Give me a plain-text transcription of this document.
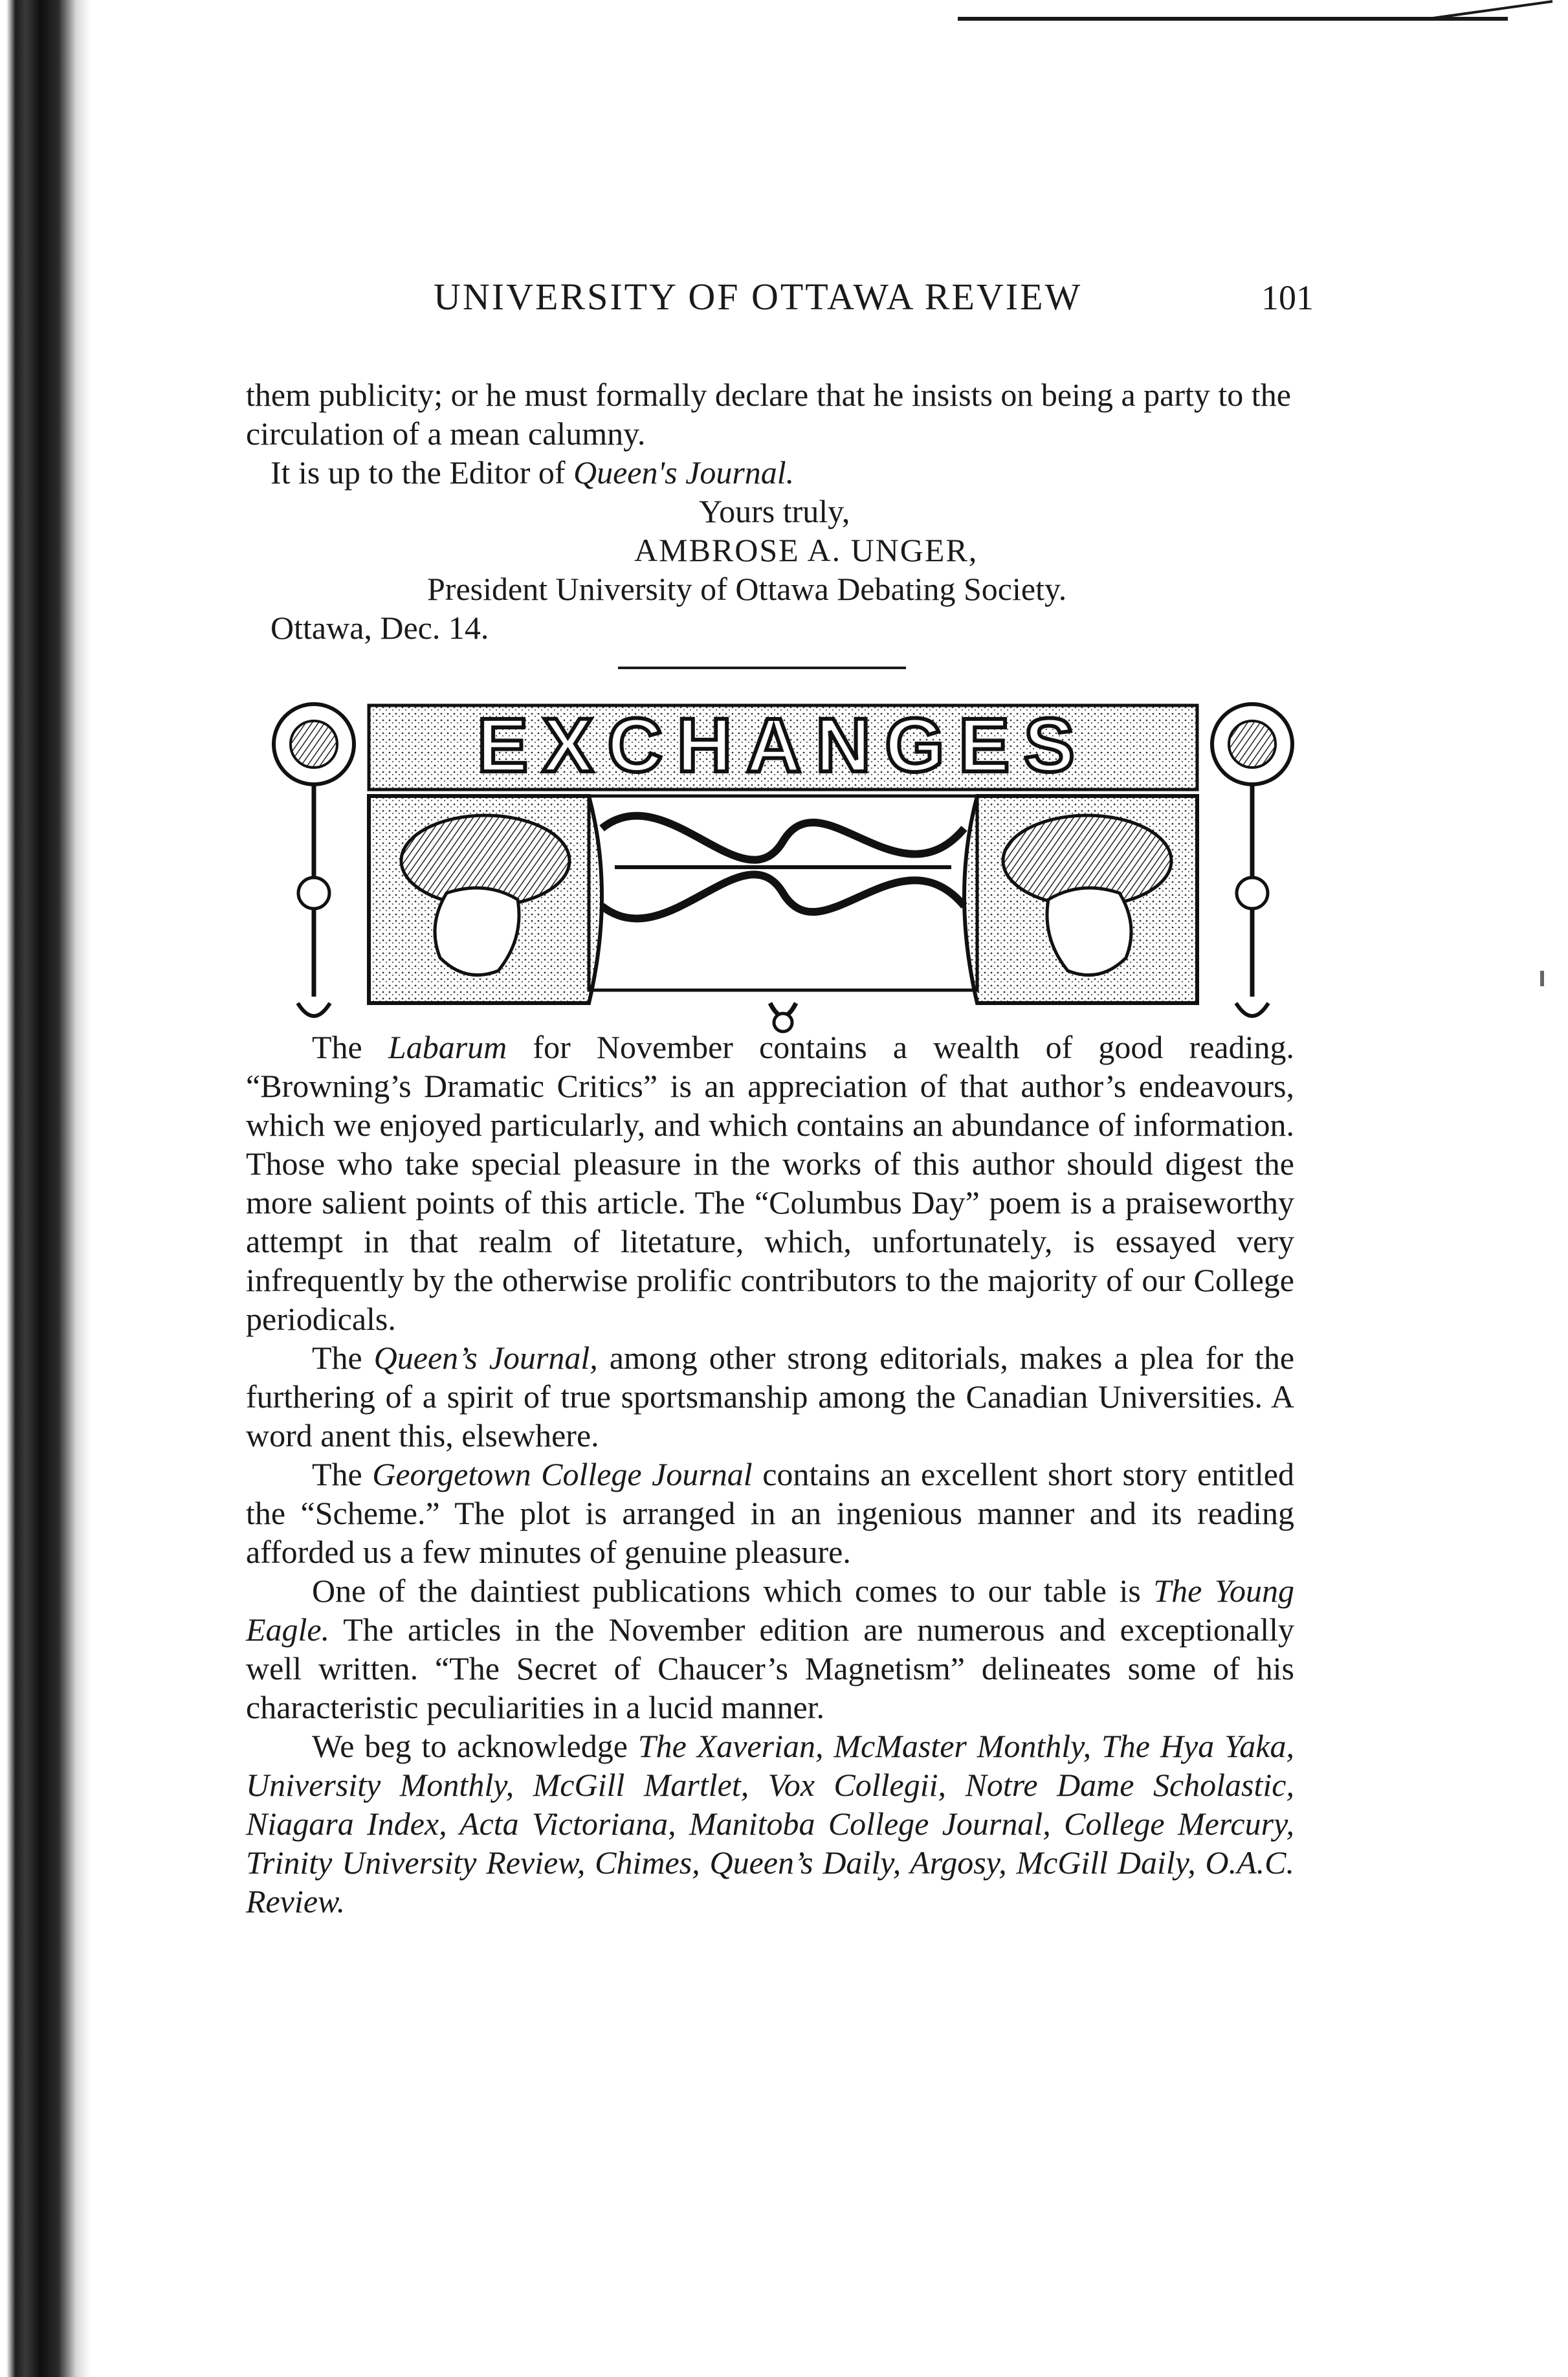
UNIVERSITY OF OTTAWA REVIEW	101

them publicity; or he must formally declare that he insists on being a party to the circulation of a mean calumny.

It is up to the Editor of Queen's Journal.

Yours truly,

AMBROSE A. UNGER,

President University of Ottawa Debating Society.

Ottawa, Dec. 14.

EXCHANGES

The Labarum for November contains a wealth of good reading. “Browning’s Dramatic Critics” is an appreciation of that author’s endeavours, which we enjoyed particularly, and which contains an abundance of information. Those who take special pleasure in the works of this author should digest the more salient points of this article. The “Columbus Day” poem is a praiseworthy attempt in that realm of litetature, which, unfortunately, is essayed very infrequently by the otherwise prolific contributors to the majority of our College periodicals.

The Queen’s Journal, among other strong editorials, makes a plea for the furthering of a spirit of true sportsmanship among the Canadian Universities. A word anent this, elsewhere.

The Georgetown College Journal contains an excellent short story entitled the “Scheme.” The plot is arranged in an ingenious manner and its reading afforded us a few minutes of genuine pleasure.

One of the daintiest publications which comes to our table is The Young Eagle. The articles in the November edition are numerous and exceptionally well written. “The Secret of Chaucer’s Magnetism” delineates some of his characteristic peculiarities in a lucid manner.

We beg to acknowledge The Xaverian, McMaster Monthly, The Hya Yaka, University Monthly, McGill Martlet, Vox Collegii, Notre Dame Scholastic, Niagara Index, Acta Victoriana, Manitoba College Journal, College Mercury, Trinity University Review, Chimes, Queen’s Daily, Argosy, McGill Daily, O.A.C. Review.
